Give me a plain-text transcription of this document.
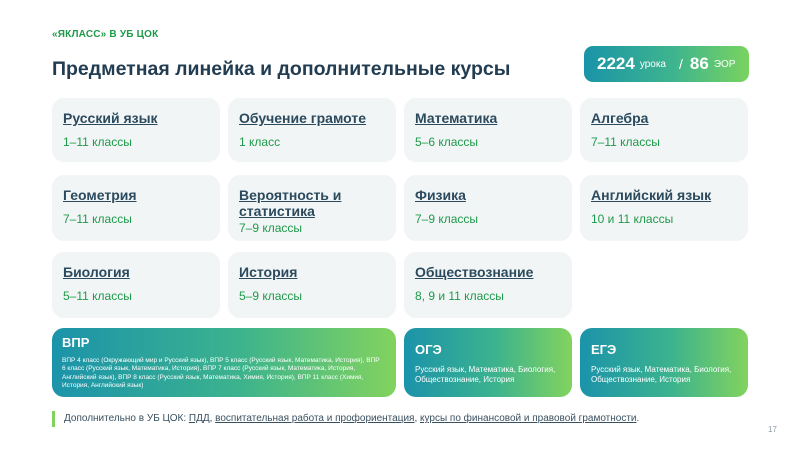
«ЯКЛАСС» В УБ ЦОК
Предметная линейка и дополнительные курсы	2224 урока / 86 ЭОР
Русский язык
1–11 классы
Обучение грамоте
1 класс
Математика
5–6 классы
Алгебра
7–11 классы
Геометрия
7–11 классы
Вероятность и статистика
7–9 классы
Физика
7–9 классы
Английский язык
10 и 11 классы
Биология
5–11 классы
История
5–9 классы
Обществознание
8, 9 и 11 классы
ВПР
ВПР 4 класс (Окружающий мир и Русский язык), ВПР 5 класс (Русский язык, Математика, История), ВПР 6 класс (Русский язык, Математика, История), ВПР 7 класс (Русский язык, Математика, История, Английский язык), ВПР 8 класс (Русский язык, Математика, Химия, История), ВПР 11 класс (Химия, История, Английский язык)
ОГЭ
Русский язык, Математика, Биология, Обществознание, История
ЕГЭ
Русский язык, Математика, Биология, Обществознание, История
Дополнительно в УБ ЦОК: ПДД, воспитательная работа и профориентация, курсы по финансовой и правовой грамотности.
17
